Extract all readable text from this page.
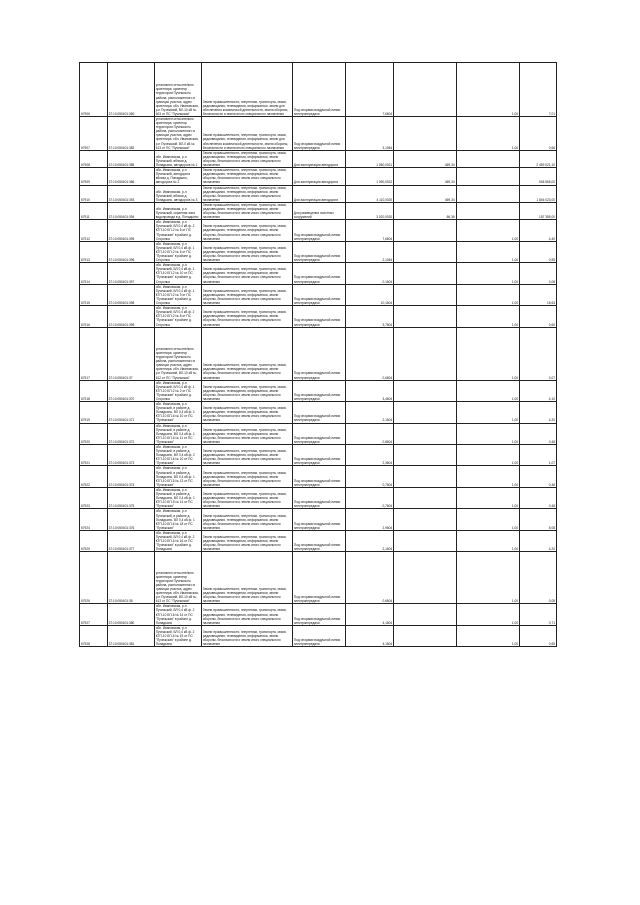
67906	37:10:050401:360	установлен относительно ориентира: ориентир территория Пучежского района, расположенного в границах участка, адрес ориентира: обл. Ивановская, р-н Пучежский, ВЛ-10 кВ № 603 от ПС "Пучежская"	Земли промышленности, энергетики, транспорта, связи, радиовещания, телевидения, информатики, земли для обеспечения космической деятельности, земли обороны, безопасности и земли иного специального назначения	Под опорами воздушной линии электропередачи	7,6604		1,00	7,01
67907	37:10:050401:382	установлен относительно ориентира: ориентир территория Пучежского района, расположенного в границах участка, адрес ориентира: обл. Ивановская, р-н Пучежский, ВЛ-0 кВ № 613 от ПС "Пучежская"	Земли промышленности, энергетики, транспорта, связи, радиовещания, телевидения, информатики, земли для обеспечения космической деятельности, земли обороны, безопасности и земли иного специального назначения	Под опорами воздушной линии электропередачи	3,1054		1,00	0,66
67908	37:10:050401:385	обл. Ивановская, р-н Пучежский, вблизи д. Попадьино, автодорога № 1	Земли промышленности, энергетики, транспорта, связи, радиовещания, телевидения, информатики, земли обороны, безопасности и земли иного специального назначения	Для эксплуатации автодороги	1 050,0021	469,34		2 459 021,10
67909	37:10:050401:386	обл. Ивановская, р-н Пучежский, автодорога вблизи д. Попадьино, автодорога № 2	Земли промышленности, энергетики, транспорта, связи, радиовещания, телевидения, информатики, земли обороны, безопасности и земли иного специального назначения	Для эксплуатации автодороги	1 090,0022	469,34		506 565,00
67910	37:10:050401:393	обл. Ивановская, р-н Пучежский, вблизи д. Попадьино, автодорога № 3	Земли промышленности, энергетики, транспорта, связи, радиовещания, телевидения, информатики, земли обороны, безопасности и земли иного специального назначения	Для эксплуатации автодороги	4 110,0020	469,34		1 846 023,00
67911	37:10:050401:394	обл. Ивановская, р-н Пучежский, охранная зона водопровода в д. Попадьино	Земли промышленности, энергетики, транспорта, связи, радиовещания, телевидения, информатики, земли обороны, безопасности и земли иного специального назначения	Для размещения очистных сооружений	3 020,0020	66,36		187 355,00
67912	37:10:050401:395	обл. Ивановская, р-н Пучежский, ВЛ 0,4 кВ ф. 2 КТП-10 БП-2 № 6 от ПС "Пучежская" в районе д. Сторонка	Земли промышленности, энергетики, транспорта, связи, радиовещания, телевидения, информатики, земли обороны, безопасности и земли иного специального назначения	Под опорами воздушной линии электропередачи	7,6604		1,00	4,40
67913	37:10:050401:396	обл. Ивановская, р-н Пучежский, ВЛ 0,4 кВ ф. 1 КТП-10 БП-2 № 6 от ПС "Пучежская" в районе д. Сторонка	Земли промышленности, энергетики, транспорта, связи, радиовещания, телевидения, информатики, земли обороны, безопасности и земли иного специального назначения	Под опорами воздушной линии электропередачи	2,1054		1,00	0,55
67914	37:10:050401:397	обл. Ивановская, р-н Пучежский, ВЛ 0,4 кВ ф. 1 КТП-10 БП-2 № 10 от ПС "Пучежская" в районе д. Сторонка	Земли промышленности, энергетики, транспорта, связи, радиовещания, телевидения, информатики, земли обороны, безопасности и земли иного специального назначения	Под опорами воздушной линии электропередачи	0,1604		1,00	0,08
67915	37:10:050401:398	обл. Ивановская, р-н Пучежский, ВЛ 0,4 кВ ф. 1 КТП-10 БП-2 № 9 от ПС "Пучежская" в районе д. Сторонка	Земли промышленности, энергетики, транспорта, связи, радиовещания, телевидения, информатики, земли обороны, безопасности и земли иного специального назначения	Под опорами воздушной линии электропередачи	10,1604		1,00	15,63
67916	37:10:050401:399	обл. Ивановская, р-н Пучежский, ВЛ 0,4 кВ ф. 2 КТП-10 БП-2 № 8 от ПС "Пучежская" в районе д. Сторонка	Земли промышленности, энергетики, транспорта, связи, радиовещания, телевидения, информатики, земли обороны, безопасности и земли иного специального назначения	Под опорами воздушной линии электропередачи	3,7604		1,00	0,60
67917	37:10:050401:37	установлен относительно ориентира: ориентир территория Пучежского района, расположенного в границах участка, адрес ориентира: обл. Ивановская, р-н Пучежский, ВЛ-10 кВ № 612 от ПС "Пучежская"	Земли промышленности, энергетики, транспорта, связи, радиовещания, телевидения, информатики, земли обороны, безопасности и земли иного специального назначения	Под опорами воздушной линии электропередачи	0,6604		1,00	0,07
67918	37:10:050401:370	обл. Ивановская, р-н Пучежский, ВЛ 0,4 кВ ф. 1 КТП-10 БП-2 № 2 от ПС "Пучежская" в районе д. Сторонка	Земли промышленности, энергетики, транспорта, связи, радиовещания, телевидения, информатики, земли обороны, безопасности и земли иного специального назначения	Под опорами воздушной линии электропередачи	3,4604		1,00	4,10
67919	37:10:050401:371	обл. Ивановская, р-н Пучежский, в районе д. Попадьино, ВЛ 0,4 кВ ф. 1 КТП-10 БП-6 № 10 от ПС "Пучежская"	Земли промышленности, энергетики, транспорта, связи, радиовещания, телевидения, информатики, земли обороны, безопасности и земли иного специального назначения	Под опорами воздушной линии электропередачи	2,1604		1,00	4,20
67920	37:10:050401:372	обл. Ивановская, р-н Пучежский, в районе д. Попадьино, ВЛ 0,4 кВ ф. 1 КТП-10 БП-6 № 11 от ПС "Пучежская"	Земли промышленности, энергетики, транспорта, связи, радиовещания, телевидения, информатики, земли обороны, безопасности и земли иного специального назначения	Под опорами воздушной линии электропередачи	0,8604		1,00	0,48
67921	37:10:050401:373	обл. Ивановская, р-н Пучежский, в районе д. Попадьино, ВЛ 0,4 кВ ф. 2 КТП-10 БП-6 № 10 от ПС "Пучежская"	Земли промышленности, энергетики, транспорта, связи, радиовещания, телевидения, информатики, земли обороны, безопасности и земли иного специального назначения	Под опорами воздушной линии электропередачи	2,3604		1,00	1,07
67922	37:10:050401:374	обл. Ивановская, р-н Пучежский, в районе д. Попадьино, ВЛ 0,4 кВ ф. 1 КТП-10 БП-5 № 13 от ПС "Пучежская"	Земли промышленности, энергетики, транспорта, связи, радиовещания, телевидения, информатики, земли обороны, безопасности и земли иного специального назначения	Под опорами воздушной линии электропередачи	0,7604		1,00	0,48
67923	37:10:050401:375	обл. Ивановская, р-н Пучежский, в районе д. Попадьино, ВЛ 0,4 кВ ф. 1 КТП-10 БП-5 № 14 от ПС "Пучежская"	Земли промышленности, энергетики, транспорта, связи, радиовещания, телевидения, информатики, земли обороны, безопасности и земли иного специального назначения	Под опорами воздушной линии электропередачи	0,7604		1,00	0,48
67924	37:10:050401:376	обл. Ивановская, р-н Пучежский, в районе д. Попадьино, ВЛ 0,4 кВ ф. 1 КТП-10 БП-6 № 18 от ПС "Пучежская"	Земли промышленности, энергетики, транспорта, связи, радиовещания, телевидения, информатики, земли обороны, безопасности и земли иного специального назначения	Под опорами воздушной линии электропередачи	2,9604		1,00	5,08
67925	37:10:050401:377	обл. Ивановская, р-н Пучежский, ВЛ 0,4 кВ ф. 2 КТП-10 БП-6 № 16 от ПС "Пучежская" в районе д. Попадьино	Земли промышленности, энергетики, транспорта, связи, радиовещания, телевидения, информатики, земли обороны, безопасности и земли иного специального назначения	Под опорами воздушной линии электропередачи	2,1604		1,00	4,20
67926	37:10:050401:38	установлен относительно ориентира: ориентир территория Пучежского района, расположенного в границах участка, адрес ориентира: обл. Ивановская, р-н Пучежский, ВЛ-10 кВ № 613 от ПС "Пучежская"	Земли промышленности, энергетики, транспорта, связи, радиовещания, телевидения, информатики, земли обороны, безопасности и земли иного специального назначения	Под опорами воздушной линии электропередачи	0,6604		1,00	0,08
67927	37:10:050401:380	обл. Ивановская, р-н Пучежский, ВЛ 0,4 кВ ф. 2 КТП-10 БП-6 № 14 от ПС "Пучежская" в районе д. Попадьино	Земли промышленности, энергетики, транспорта, связи, радиовещания, телевидения, информатики, земли обороны, безопасности и земли иного специального назначения	Под опорами воздушной линии электропередачи	4,1604		1,00	0,71
67928	37:10:050401:381	обл. Ивановская, р-н Пучежский, ВЛ 0,4 кВ ф. 2 КТП-10 БП-6 № 15 от ПС "Пучежская" в районе д. Попадьино	Земли промышленности, энергетики, транспорта, связи, радиовещания, телевидения, информатики, земли обороны, безопасности и земли иного специального назначения	Под опорами воздушной линии электропередачи	4,1604		1,00	0,65
